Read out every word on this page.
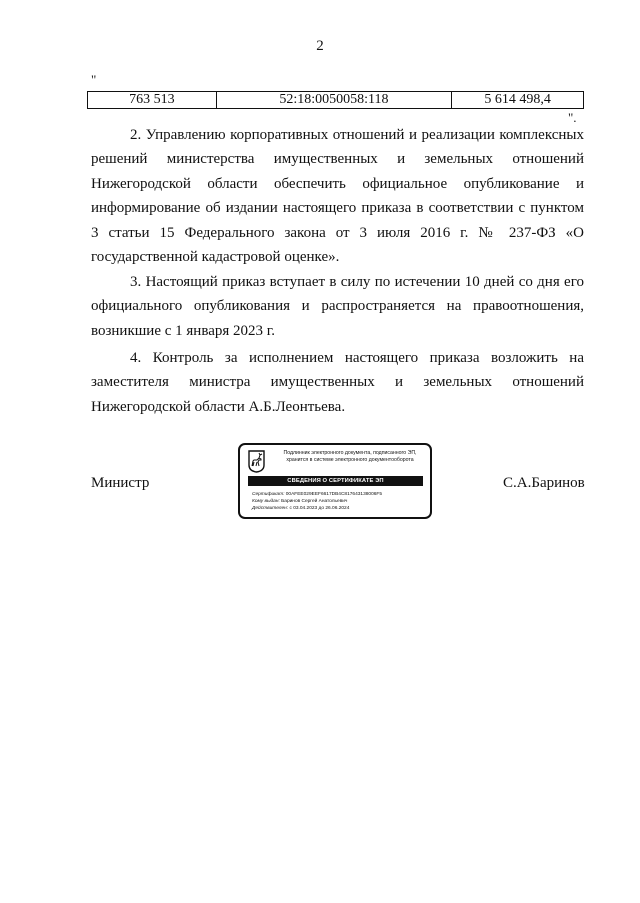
2
"
763 513	52:18:0050058:118	5 614 498,4
".

2. Управлению корпоративных отношений и реализации комплексных решений министерства имущественных и земельных отношений Нижегородской области обеспечить официальное опубликование и информирование об издании настоящего приказа в соответствии с пунктом 3 статьи 15 Федерального закона от 3 июля 2016 г. № 237-ФЗ «О государственной кадастровой оценке».

3. Настоящий приказ вступает в силу по истечении 10 дней со дня его официального опубликования и распространяется на правоотношения, возникшие с 1 января 2023 г.

4. Контроль за исполнением настоящего приказа возложить на заместителя министра имущественных и земельных отношений Нижегородской области А.Б.Леонтьева.

Министр
Подлинник электронного документа, подписанного ЭП,
хранится в системе электронного документооборота
СВЕДЕНИЯ О СЕРТИФИКАТЕ ЭП
Сертификат: 00AFEE029EEF6617DB4C817643138006F5
Кому выдан: Баринов Сергей Анатольевич
Действителен: с 03.04.2023 до 26.06.2024
С.А.Баринов
